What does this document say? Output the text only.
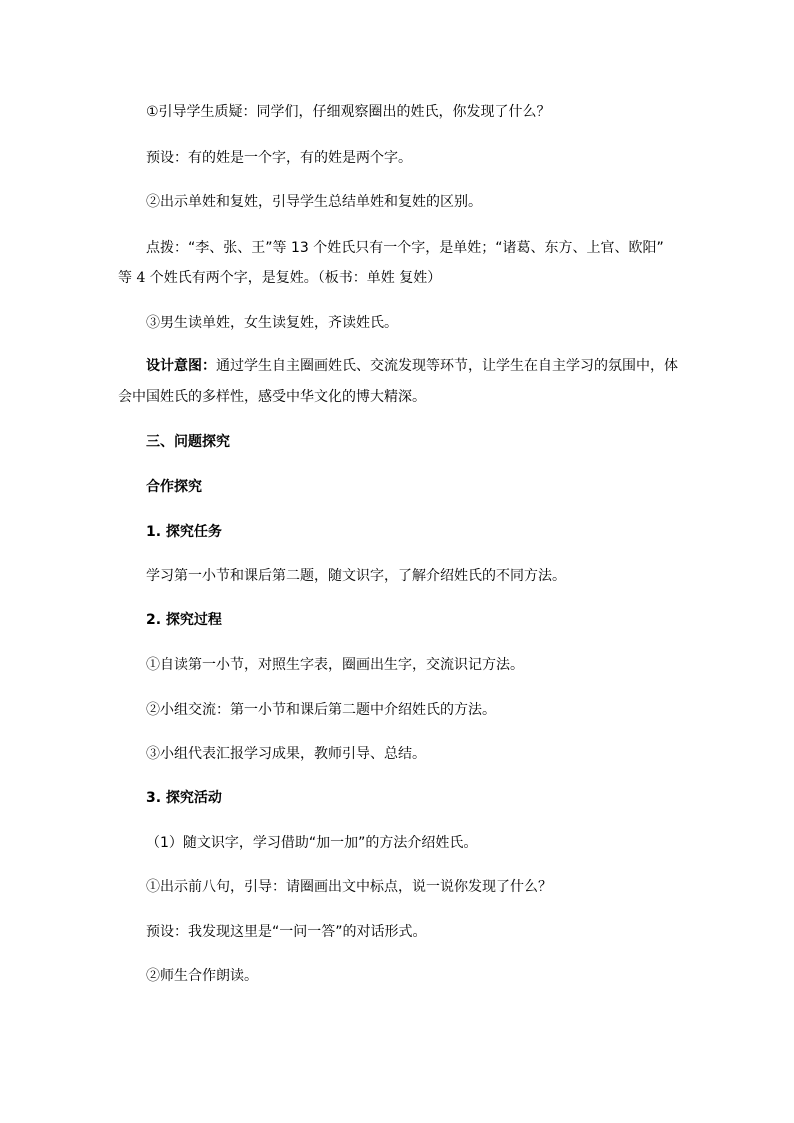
①引导学生质疑：同学们，仔细观察圈出的姓氏，你发现了什么？
预设：有的姓是一个字，有的姓是两个字。
②出示单姓和复姓，引导学生总结单姓和复姓的区别。
点拨：“李、张、王”等 13 个姓氏只有一个字，是单姓；“诸葛、东方、上官、欧阳”
等 4 个姓氏有两个字，是复姓。（板书：单姓 复姓）
③男生读单姓，女生读复姓，齐读姓氏。
设计意图：通过学生自主圈画姓氏、交流发现等环节，让学生在自主学习的氛围中，体
会中国姓氏的多样性，感受中华文化的博大精深。
三、问题探究
合作探究
1. 探究任务
学习第一小节和课后第二题，随文识字，了解介绍姓氏的不同方法。
2. 探究过程
①自读第一小节，对照生字表，圈画出生字，交流识记方法。
②小组交流：第一小节和课后第二题中介绍姓氏的方法。
③小组代表汇报学习成果，教师引导、总结。
3. 探究活动
（1）随文识字，学习借助“加一加”的方法介绍姓氏。
①出示前八句，引导：请圈画出文中标点，说一说你发现了什么？
预设：我发现这里是“一问一答”的对话形式。
②师生合作朗读。
